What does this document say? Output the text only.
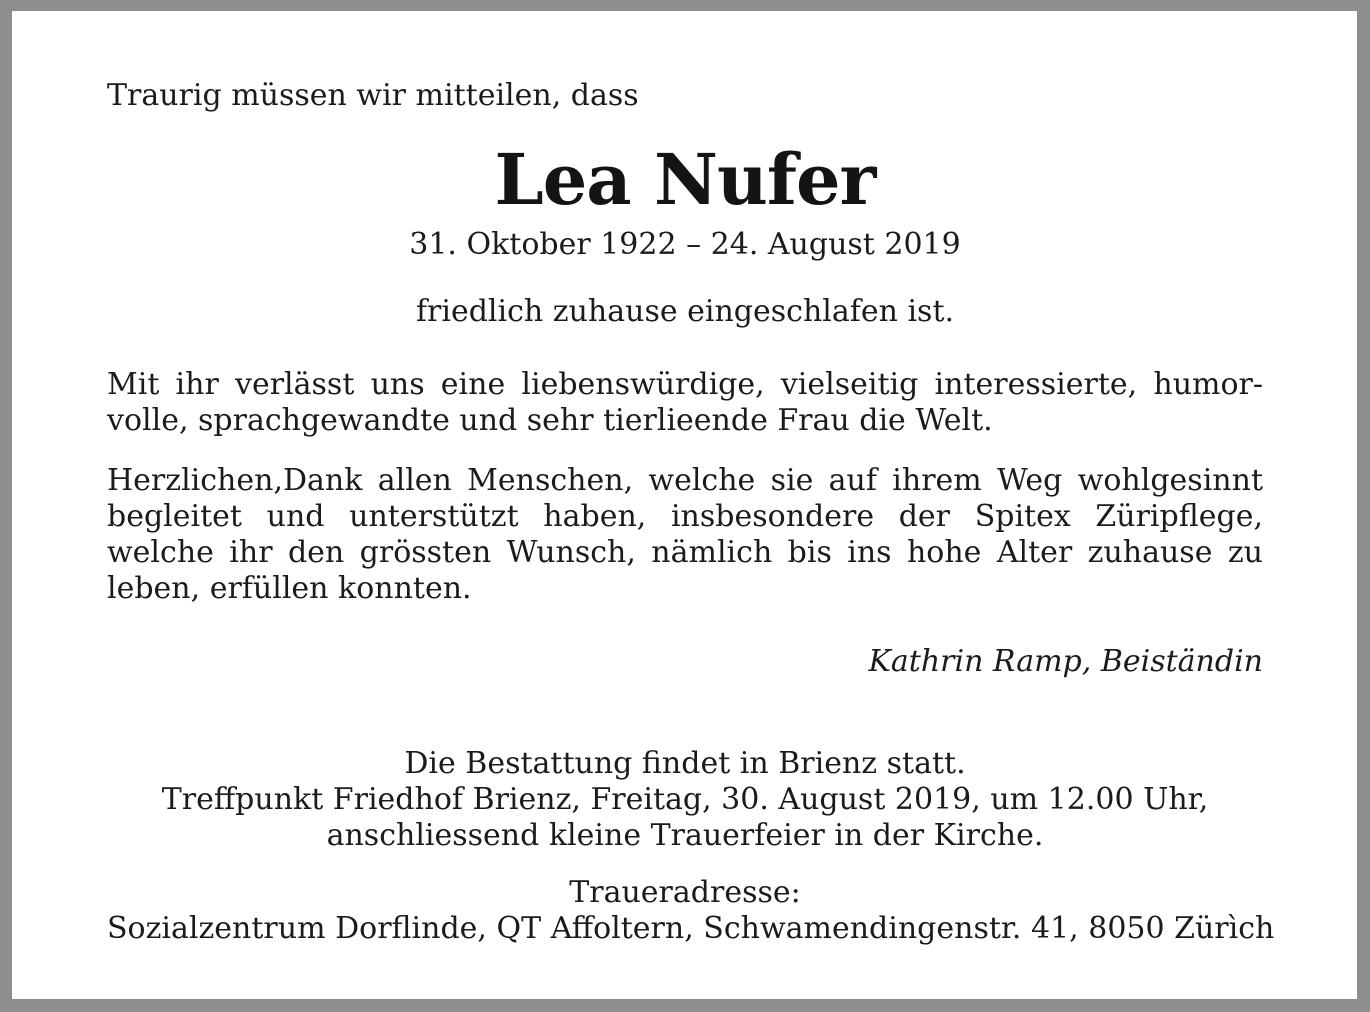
Traurig müssen wir mitteilen, dass
Lea Nufer
31. Oktober 1922 – 24. August 2019
friedlich zuhause eingeschlafen ist.
Mit ihr verlässt uns eine liebenswürdige, vielseitig interessierte, humor-
volle, sprachgewandte und sehr tierlieende Frau die Welt.
Herzlichen,Dank allen Menschen, welche sie auf ihrem Weg wohlgesinnt
begleitet und unterstützt haben, insbesondere der Spitex Züripflege,
welche ihr den grössten Wunsch, nämlich bis ins hohe Alter zuhause zu
leben, erfüllen konnten.
Kathrin Ramp, Beiständin
Die Bestattung findet in Brienz statt.
Treffpunkt Friedhof Brienz, Freitag, 30. August 2019, um 12.00 Uhr,
anschliessend kleine Trauerfeier in der Kirche.
Traueradresse:
Sozialzentrum Dorflinde, QT Affoltern, Schwamendingenstr. 41, 8050 Zürìch
